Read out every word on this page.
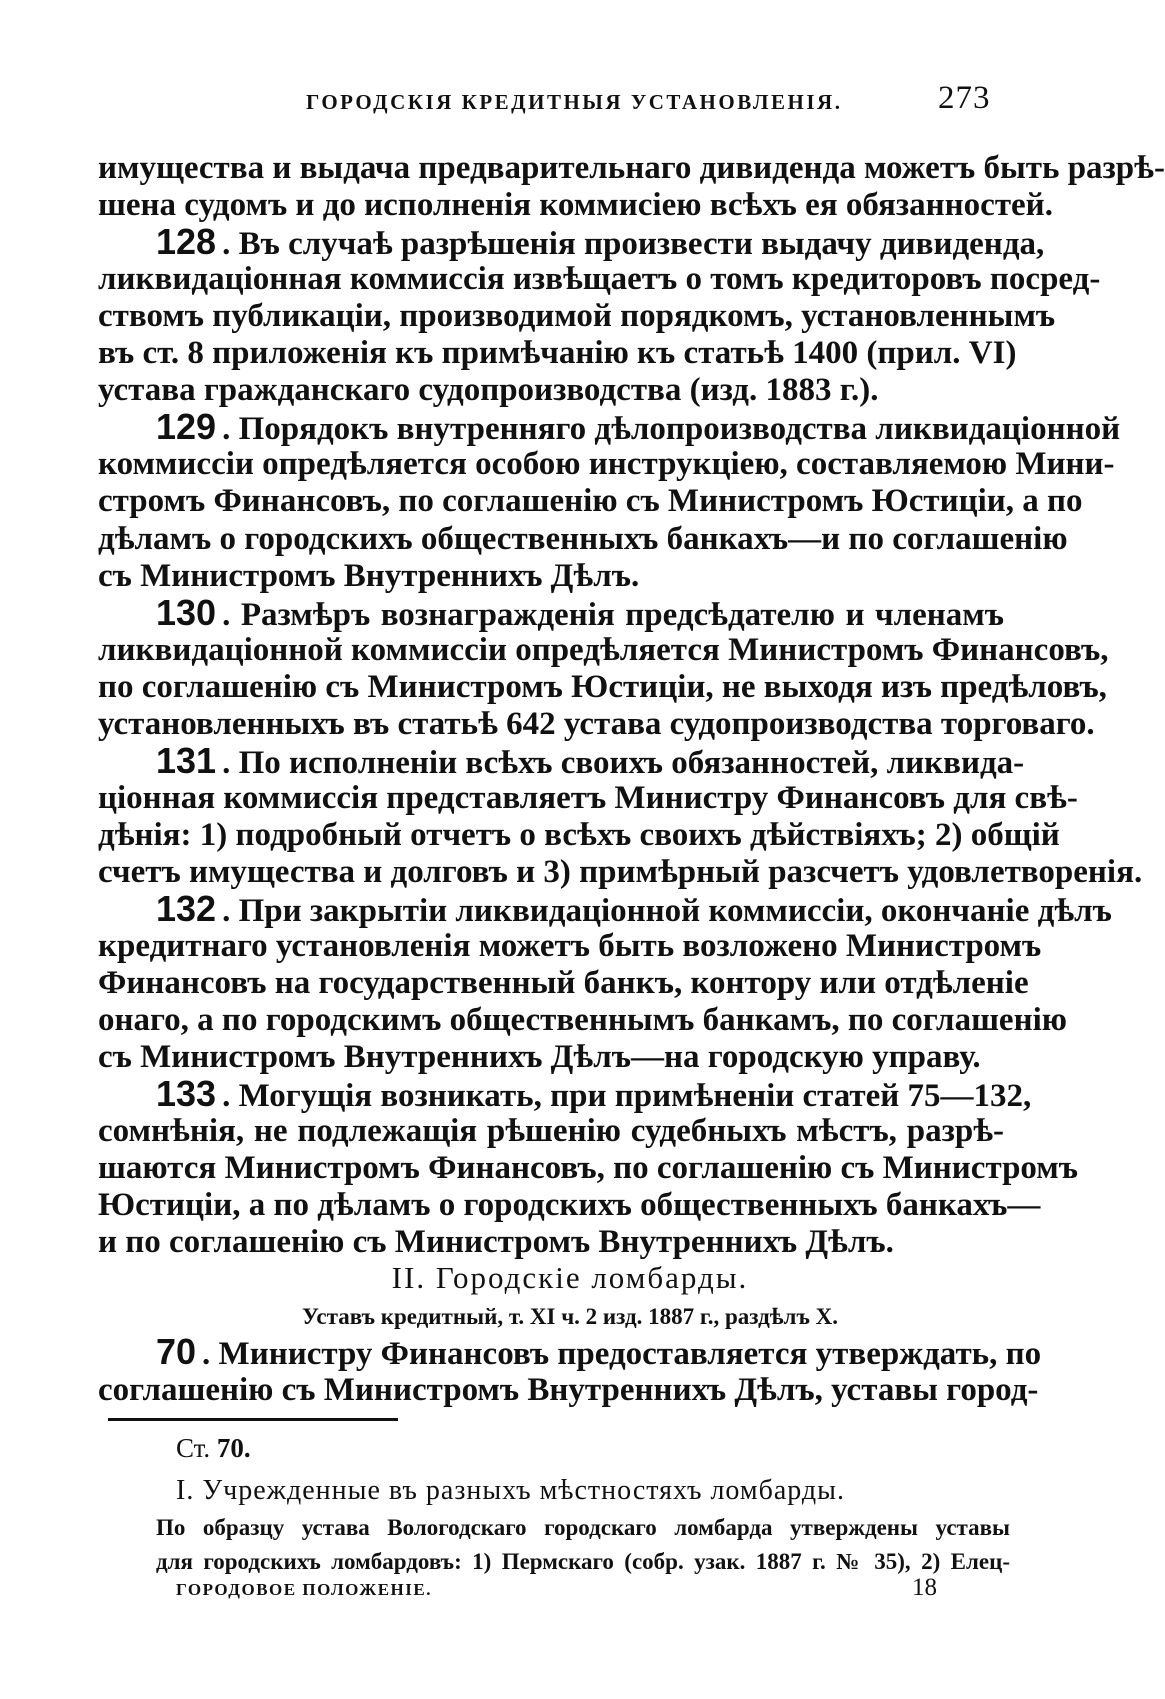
ГОРОДСКІЯ КРЕДИТНЫЯ УСТАНОВЛЕНІЯ.	273
имущества и выдача предварительнаго дивиденда можетъ быть разрѣ-
шена судомъ и до исполненія коммисіею всѣхъ ея обязанностей.
128 . Въ случаѣ разрѣшенія произвести выдачу дивиденда,
ликвидаціонная коммиссія извѣщаетъ о томъ кредиторовъ посред-
ствомъ публикаціи, производимой порядкомъ, установленнымъ
въ ст. 8 приложенія къ примѣчанію къ статьѣ 1400 (прил. VI)
устава гражданскаго судопроизводства (изд. 1883 г.).
129 . Порядокъ внутренняго дѣлопроизводства ликвидаціонной
коммиссіи опредѣляется особою инструкціею, составляемою Мини-
стромъ Финансовъ, по соглашенію съ Министромъ Юстиціи, а по
дѣламъ о городскихъ общественныхъ банкахъ—и по соглашенію
съ Министромъ Внутреннихъ Дѣлъ.
130 . Размѣръ вознагражденія предсѣдателю и членамъ
ликвидаціонной коммиссіи опредѣляется Министромъ Финансовъ,
по соглашенію съ Министромъ Юстиціи, не выходя изъ предѣловъ,
установленныхъ въ статьѣ 642 устава судопроизводства торговаго.
131 . По исполненіи всѣхъ своихъ обязанностей, ликвида-
ціонная коммиссія представляетъ Министру Финансовъ для свѣ-
дѣнія: 1) подробный отчетъ о всѣхъ своихъ дѣйствіяхъ; 2) общій
счетъ имущества и долговъ и 3) примѣрный разсчетъ удовлетворенія.
132 . При закрытіи ликвидаціонной коммиссіи, окончаніе дѣлъ
кредитнаго установленія можетъ быть возложено Министромъ
Финансовъ на государственный банкъ, контору или отдѣленіе
онаго, а по городскимъ общественнымъ банкамъ, по соглашенію
съ Министромъ Внутреннихъ Дѣлъ—на городскую управу.
133 . Могущія возникать, при примѣненіи статей 75—132,
сомнѣнія, не подлежащія рѣшенію судебныхъ мѣстъ, разрѣ-
шаются Министромъ Финансовъ, по соглашенію съ Министромъ
Юстиціи, а по дѣламъ о городскихъ общественныхъ банкахъ—
и по соглашенію съ Министромъ Внутреннихъ Дѣлъ.
II. Городскіе ломбарды.
Уставъ кредитный, т. XI ч. 2 изд. 1887 г., раздѣлъ X.
70 . Министру Финансовъ предоставляется утверждать, по
соглашенію съ Министромъ Внутреннихъ Дѣлъ, уставы город-
Ст. 70.
I. Учрежденные въ разныхъ мѣстностяхъ ломбарды.
По образцу устава Вологодскаго городскаго ломбарда утверждены уставы
для городскихъ ломбардовъ: 1) Пермскаго (собр. узак. 1887 г. № 35), 2) Елец-
ГОРОДОВОЕ ПОЛОЖЕНІЕ.	18
